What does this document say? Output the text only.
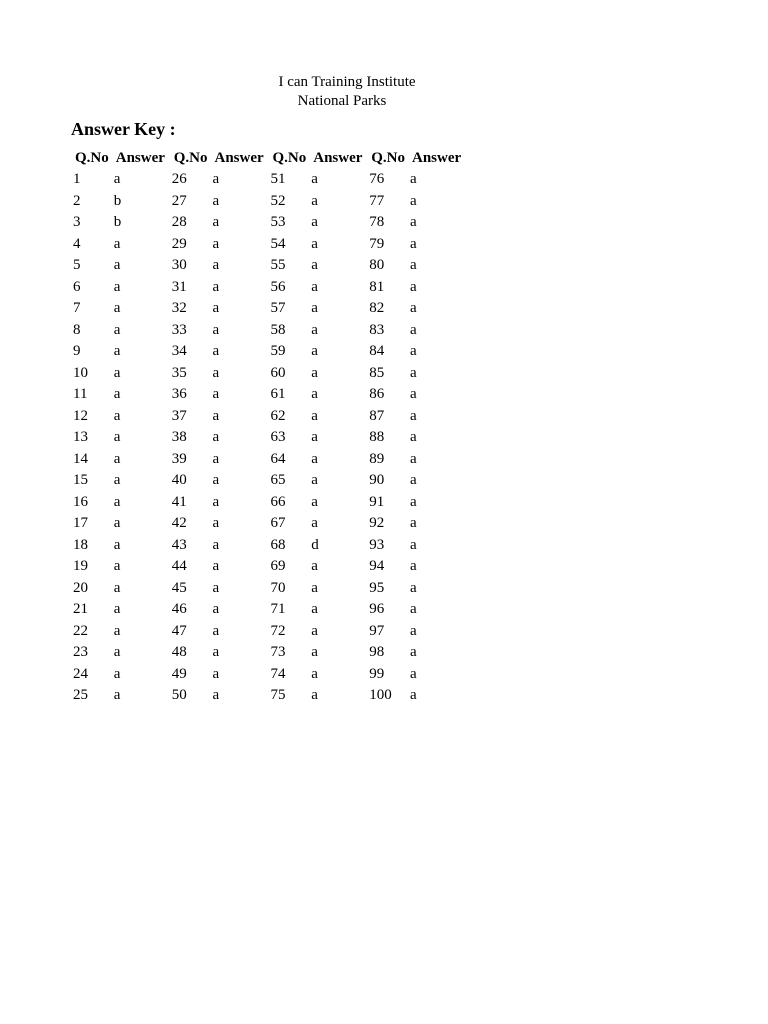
I can Training Institute
National Parks
Answer Key :
Q.No	Answer	Q.No	Answer	Q.No	Answer	Q.No	Answer
1	a	26	a	51	a	76	a
2	b	27	a	52	a	77	a
3	b	28	a	53	a	78	a
4	a	29	a	54	a	79	a
5	a	30	a	55	a	80	a
6	a	31	a	56	a	81	a
7	a	32	a	57	a	82	a
8	a	33	a	58	a	83	a
9	a	34	a	59	a	84	a
10	a	35	a	60	a	85	a
11	a	36	a	61	a	86	a
12	a	37	a	62	a	87	a
13	a	38	a	63	a	88	a
14	a	39	a	64	a	89	a
15	a	40	a	65	a	90	a
16	a	41	a	66	a	91	a
17	a	42	a	67	a	92	a
18	a	43	a	68	d	93	a
19	a	44	a	69	a	94	a
20	a	45	a	70	a	95	a
21	a	46	a	71	a	96	a
22	a	47	a	72	a	97	a
23	a	48	a	73	a	98	a
24	a	49	a	74	a	99	a
25	a	50	a	75	a	100	a
